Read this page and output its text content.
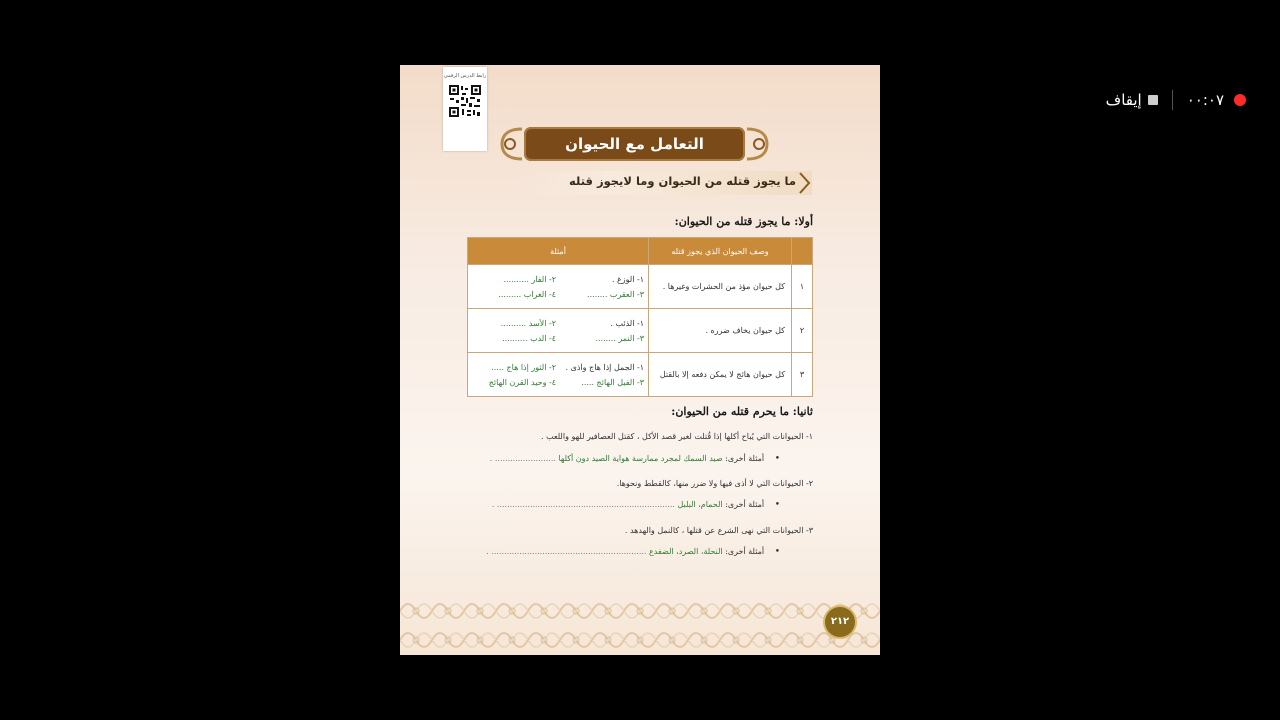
إيقاف	٠٠:٠٧
رابط الدرس الرقمي
التعامل مع الحيوان
ما يجوز قتله من الحيوان وما لايجوز قتله
أولا: ما يجوز قتله من الحيوان:
	وصف الحيوان الذي يجوز قتله	أمثلة
١	كل حيوان مؤذ من الحشرات وغيرها .	١- الوزغ .
٢- الفأر ..........
٣- العقرب ........
٤- الغراب .........

٢	كل حيوان يخاف ضرره .	١- الذئب .
٢- الأسد ..........
٣- النمر ........
٤- الدب ..........

٣	كل حيوان هائج لا يمكن دفعه إلا بالقتل	١- الجمل إذا هاج وآذى .
٢- الثور إذا هاج .....
٣- الفيل الهائج .....
٤- وحيد القرن الهائج
ثانيا: ما يحرم قتله من الحيوان:
١- الحيوانات التي يُباح أكلها إذا قُتلت لغير قصد الأكل ، كقتل العصافير للهو واللعب .
• أمثلة أخرى: صيد السمك لمجرد ممارسة هواية الصيد دون أكلها ........................ .
٢- الحيوانات التي لا أذى فيها ولا ضرر منها، كالقطط ونحوها.
• أمثلة أخرى: الحمام، البلبل ...................................................................... .
٣- الحيوانات التي نهى الشرع عن قتلها ، كالنمل والهدهد .
• أمثلة أخرى: النحلة، الصرد، الضفدع ............................................................. .
٢١٢
